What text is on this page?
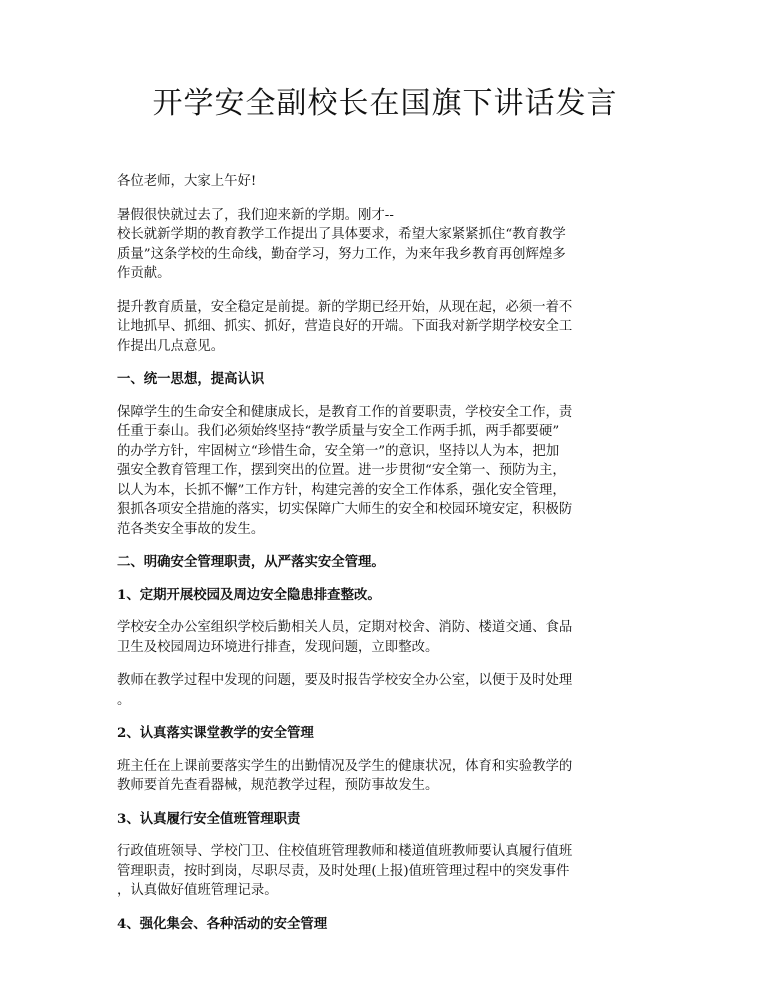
开学安全副校长在国旗下讲话发言

各位老师，大家上午好!

暑假很快就过去了，我们迎来新的学期。刚才--
校长就新学期的教育教学工作提出了具体要求，希望大家紧紧抓住“教育教学
质量”这条学校的生命线，勤奋学习，努力工作，为来年我乡教育再创辉煌多
作贡献。

提升教育质量，安全稳定是前提。新的学期已经开始，从现在起，必须一着不
让地抓早、抓细、抓实、抓好，营造良好的开端。下面我对新学期学校安全工
作提出几点意见。

一、统一思想，提高认识

保障学生的生命安全和健康成长，是教育工作的首要职责，学校安全工作，责
任重于泰山。我们必须始终坚持“教学质量与安全工作两手抓，两手都要硬”
的办学方针，牢固树立“珍惜生命，安全第一”的意识，坚持以人为本，把加
强安全教育管理工作，摆到突出的位置。进一步贯彻“安全第一、预防为主，
以人为本，长抓不懈”工作方针，构建完善的安全工作体系，强化安全管理，
狠抓各项安全措施的落实，切实保障广大师生的安全和校园环境安定，积极防
范各类安全事故的发生。

二、明确安全管理职责，从严落实安全管理。

1、定期开展校园及周边安全隐患排查整改。

学校安全办公室组织学校后勤相关人员，定期对校舍、消防、楼道交通、食品
卫生及校园周边环境进行排查，发现问题，立即整改。

教师在教学过程中发现的问题，要及时报告学校安全办公室，以便于及时处理
。

2、认真落实课堂教学的安全管理

班主任在上课前要落实学生的出勤情况及学生的健康状况，体育和实验教学的
教师要首先查看器械，规范教学过程，预防事故发生。

3、认真履行安全值班管理职责

行政值班领导、学校门卫、住校值班管理教师和楼道值班教师要认真履行值班
管理职责，按时到岗，尽职尽责，及时处理(上报)值班管理过程中的突发事件
，认真做好值班管理记录。

4、强化集会、各种活动的安全管理
